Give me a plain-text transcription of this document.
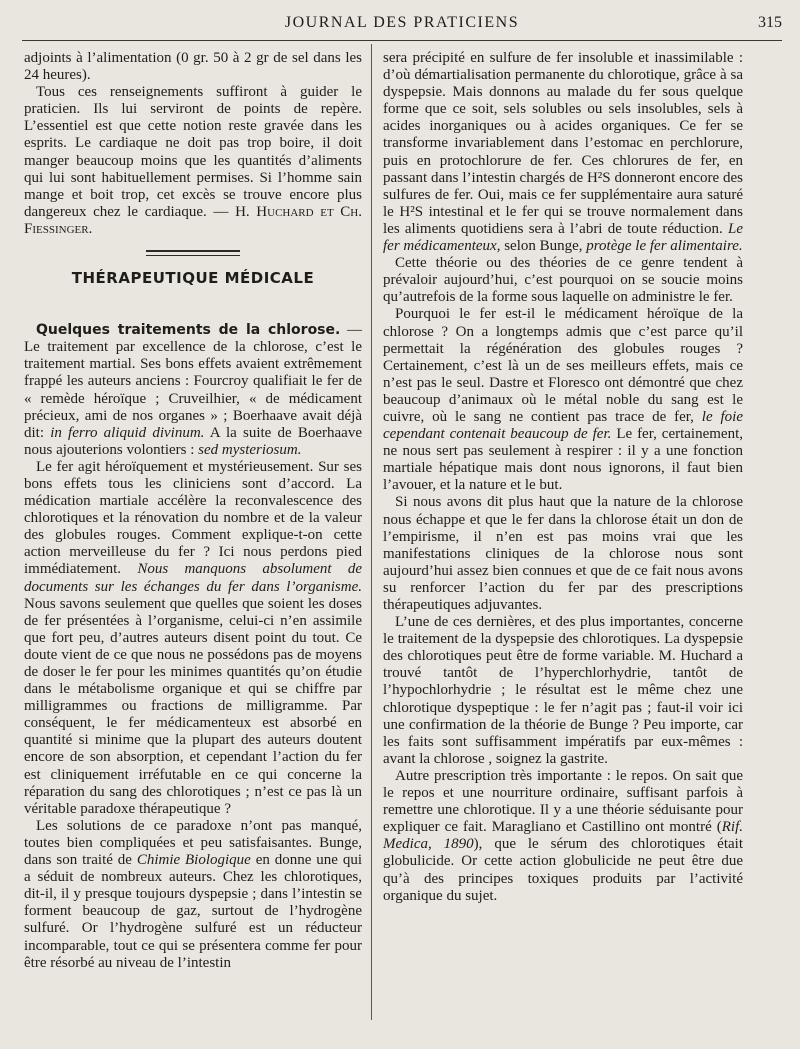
JOURNAL DES PRATICIENS	315

adjoints à l’alimentation (0 gr. 50 à 2 gr de sel dans les 24 heures).

Tous ces renseignements suffiront à guider le praticien. Ils lui serviront de points de repère. L’essentiel est que cette notion reste gravée dans les esprits. Le cardiaque ne doit pas trop boire, il doit manger beaucoup moins que les quantités d’aliments qui lui sont habituellement permises. Si l’homme sain mange et boit trop, cet excès se trouve encore plus dangereux chez le cardiaque. — H. Huchard et Ch. Fiessinger.

THÉRAPEUTIQUE MÉDICALE

Quelques traitements de la chlorose. — Le traitement par excellence de la chlorose, c’est le traitement martial. Ses bons effets avaient extrêmement frappé les auteurs anciens : Fourcroy qualifiait le fer de « remède héroïque ; Cruveilhier, « de médicament précieux, ami de nos organes » ; Boerhaave avait déjà dit: in ferro aliquid divinum. A la suite de Boerhaave nous ajouterions volontiers : sed mysteriosum.

Le fer agit héroïquement et mystérieusement. Sur ses bons effets tous les cliniciens sont d’accord. La médication martiale accélère la reconvalescence des chlorotiques et la rénovation du nombre et de la valeur des globules rouges. Comment explique-t-on cette action merveilleuse du fer ? Ici nous perdons pied immédiatement. Nous manquons absolument de documents sur les échanges du fer dans l’organisme. Nous savons seulement que quelles que soient les doses de fer présentées à l’organisme, celui-ci n’en assimile que fort peu, d’autres auteurs disent point du tout. Ce doute vient de ce que nous ne possédons pas de moyens de doser le fer pour les minimes quantités qu’on étudie dans le métabolisme organique et qui se chiffre par milligrammes ou fractions de milligramme. Par conséquent, le fer médicamenteux est absorbé en quantité si minime que la plupart des auteurs doutent encore de son absorption, et cependant l’action du fer est cliniquement irréfutable en ce qui concerne la réparation du sang des chlorotiques ; n’est ce pas là un véritable paradoxe thérapeutique ?

Les solutions de ce paradoxe n’ont pas manqué, toutes bien compliquées et peu satisfaisantes. Bunge, dans son traité de Chimie Biologique en donne une qui a séduit de nombreux auteurs. Chez les chlorotiques, dit-il, il y presque toujours dyspepsie ; dans l’intestin se forment beaucoup de gaz, surtout de l’hydrogène sulfuré. Or l’hydrogène sulfuré est un réducteur incomparable, tout ce qui se présentera comme fer pour être résorbé au niveau de l’intestin

sera précipité en sulfure de fer insoluble et inassimilable : d’où démartialisation permanente du chlorotique, grâce à sa dyspepsie. Mais donnons au malade du fer sous quelque forme que ce soit, sels solubles ou sels insolubles, sels à acides inorganiques ou à acides organiques. Ce fer se transforme invariablement dans l’estomac en perchlorure, puis en protochlorure de fer. Ces chlorures de fer, en passant dans l’intestin chargés de H²S donneront encore des sulfures de fer. Oui, mais ce fer supplémentaire aura saturé le H²S intestinal et le fer qui se trouve normalement dans les aliments quotidiens sera à l’abri de toute réduction. Le fer médicamenteux, selon Bunge, protège le fer alimentaire.

Cette théorie ou des théories de ce genre tendent à prévaloir aujourd’hui, c’est pourquoi on se soucie moins qu’autrefois de la forme sous laquelle on administre le fer.

Pourquoi le fer est-il le médicament héroïque de la chlorose ? On a longtemps admis que c’est parce qu’il permettait la régénération des globules rouges ? Certainement, c’est là un de ses meilleurs effets, mais ce n’est pas le seul. Dastre et Floresco ont démontré que chez beaucoup d’animaux où le métal noble du sang est le cuivre, où le sang ne contient pas trace de fer, le foie cependant contenait beaucoup de fer. Le fer, certainement, ne nous sert pas seulement à respirer : il y a une fonction martiale hépatique mais dont nous ignorons, il faut bien l’avouer, et la nature et le but.

Si nous avons dit plus haut que la nature de la chlorose nous échappe et que le fer dans la chlorose était un don de l’empirisme, il n’en est pas moins vrai que les manifestations cliniques de la chlorose nous sont aujourd’hui assez bien connues et que de ce fait nous avons su renforcer l’action du fer par des prescriptions thérapeutiques adjuvantes.

L’une de ces dernières, et des plus importantes, concerne le traitement de la dyspepsie des chlorotiques. La dyspepsie des chlorotiques peut être de forme variable. M. Huchard a trouvé tantôt de l’hyperchlorhydrie, tantôt de l’hypochlorhydrie ; le résultat est le même chez une chlorotique dyspeptique : le fer n’agit pas ; faut-il voir ici une confirmation de la théorie de Bunge ? Peu importe, car les faits sont suffisamment impératifs par eux-mêmes : avant la chlorose , soignez la gastrite.

Autre prescription très importante : le repos. On sait que le repos et une nourriture ordinaire, suffisant parfois à remettre une chlorotique. Il y a une théorie séduisante pour expliquer ce fait. Maragliano et Castillino ont montré (Rif. Medica, 1890), que le sérum des chlorotiques était globulicide. Or cette action globulicide ne peut être due qu’à des principes toxiques produits par l’activité organique du sujet.
